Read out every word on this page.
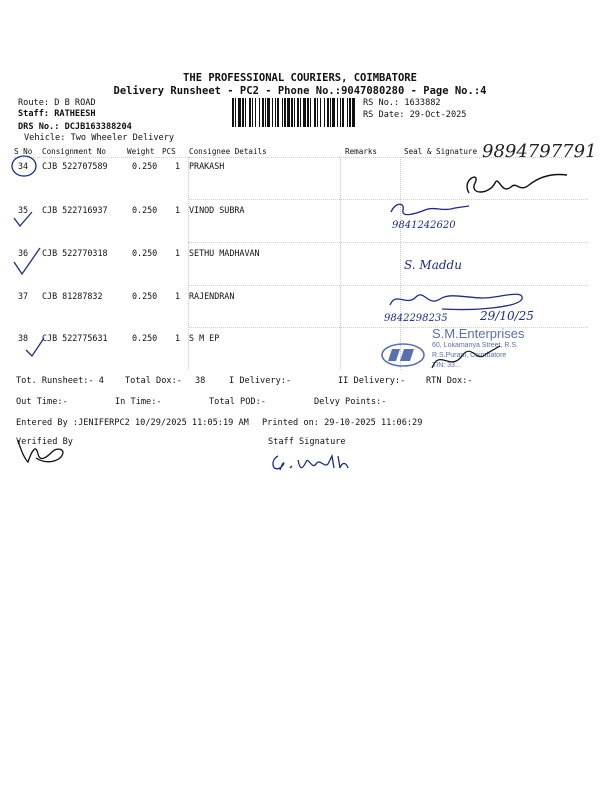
THE PROFESSIONAL COURIERS, COIMBATORE
Delivery Runsheet - PC2 - Phone No.:9047080280 - Page No.:4
Route: D B ROAD
Staff: RATHEESH
DRS No.: DCJB163388204
Vehicle: Two Wheeler Delivery
RS No.: 1633882
RS Date: 29-Oct-2025
S No Consignment No	Weight PCS Consignee Details	Remarks	Seal & Signature
34 CJB 522707589	0.250 1 PRAKASH
35 CJB 522716937	0.250 1 VINOD SUBRA
36 CJB 522770318	0.250 1 SETHU MADHAVAN
37 CJB 81287832	0.250 1 RAJENDRAN
38 CJB 522775631	0.250 1 S M EP
9894797791
9841242620
S. Maddu
9842298235	29/10/25
S.M.Enterprises
60, Lokamanya Street, R.S.
R.S.Puram, Coimbatore
TIN: 33...
Tot. Runsheet:- 4 Total Dox:- 38	I Delivery:-	II Delivery:- RTN Dox:-
Out Time:-	In Time:-	Total POD:-	Delvy Points:-
Entered By :JENIFERPC2 10/29/2025 11:05:19 AM Printed on: 29-10-2025 11:06:29
Verified By	Staff Signature
